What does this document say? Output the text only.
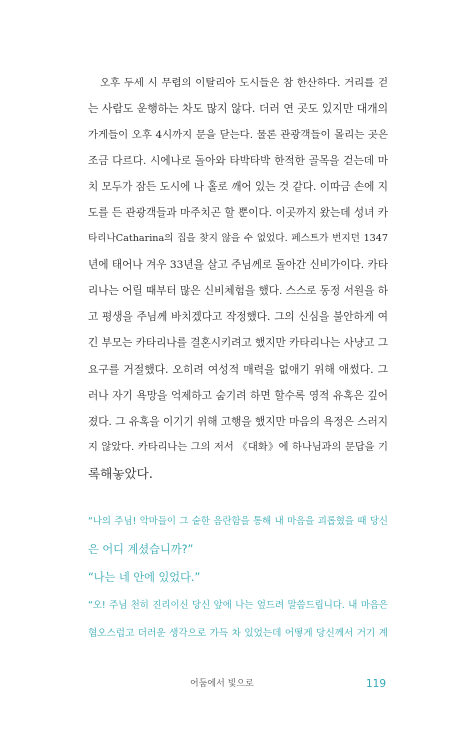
오후 두세 시 무렵의 이탈리아 도시들은 참 한산하다. 거리를 걷
는 사람도 운행하는 차도 많지 않다. 더러 연 곳도 있지만 대개의
가게들이 오후 4시까지 문을 닫는다. 물론 관광객들이 몰리는 곳은
조금 다르다. 시에나로 돌아와 타박타박 한적한 골목을 걷는데 마
치 모두가 잠든 도시에 나 홀로 깨어 있는 것 같다. 이따금 손에 지
도를 든 관광객들과 마주치곤 할 뿐이다. 이곳까지 왔는데 성녀 카
타리나Catharina의 집을 찾지 않을 수 없었다. 페스트가 번지던 1347
년에 태어나 겨우 33년을 살고 주님께로 돌아간 신비가이다. 카타
리나는 어릴 때부터 많은 신비체험을 했다. 스스로 동정 서원을 하
고 평생을 주님께 바치겠다고 작정했다. 그의 신심을 불안하게 여
긴 부모는 카타리나를 결혼시키려고 했지만 카타리나는 사냥고 그
요구를 거절했다. 오히려 여성적 매력을 없애기 위해 애썼다. 그
러나 자기 욕망을 억제하고 숨기려 하면 할수록 영적 유혹은 깊어
졌다. 그 유혹을 이기기 위해 고행을 했지만 마음의 욕정은 스러지
지 않았다. 카타리나는 그의 저서 《대화》에 하나님과의 문답을 기
록해놓았다.
“나의 주님! 악마들이 그 숱한 음란함을 통해 내 마음을 괴롭혔을 때 당신
은 어디 계셨습니까?”
“나는 네 안에 있었다.”
“오! 주님 천히 진리이신 당신 앞에 나는 엎드려 말씀드립니다. 내 마음은
혐오스럽고 더러운 생각으로 가득 차 있었는데 어떻게 당신께서 거기 계
어둠에서 빛으로	119
